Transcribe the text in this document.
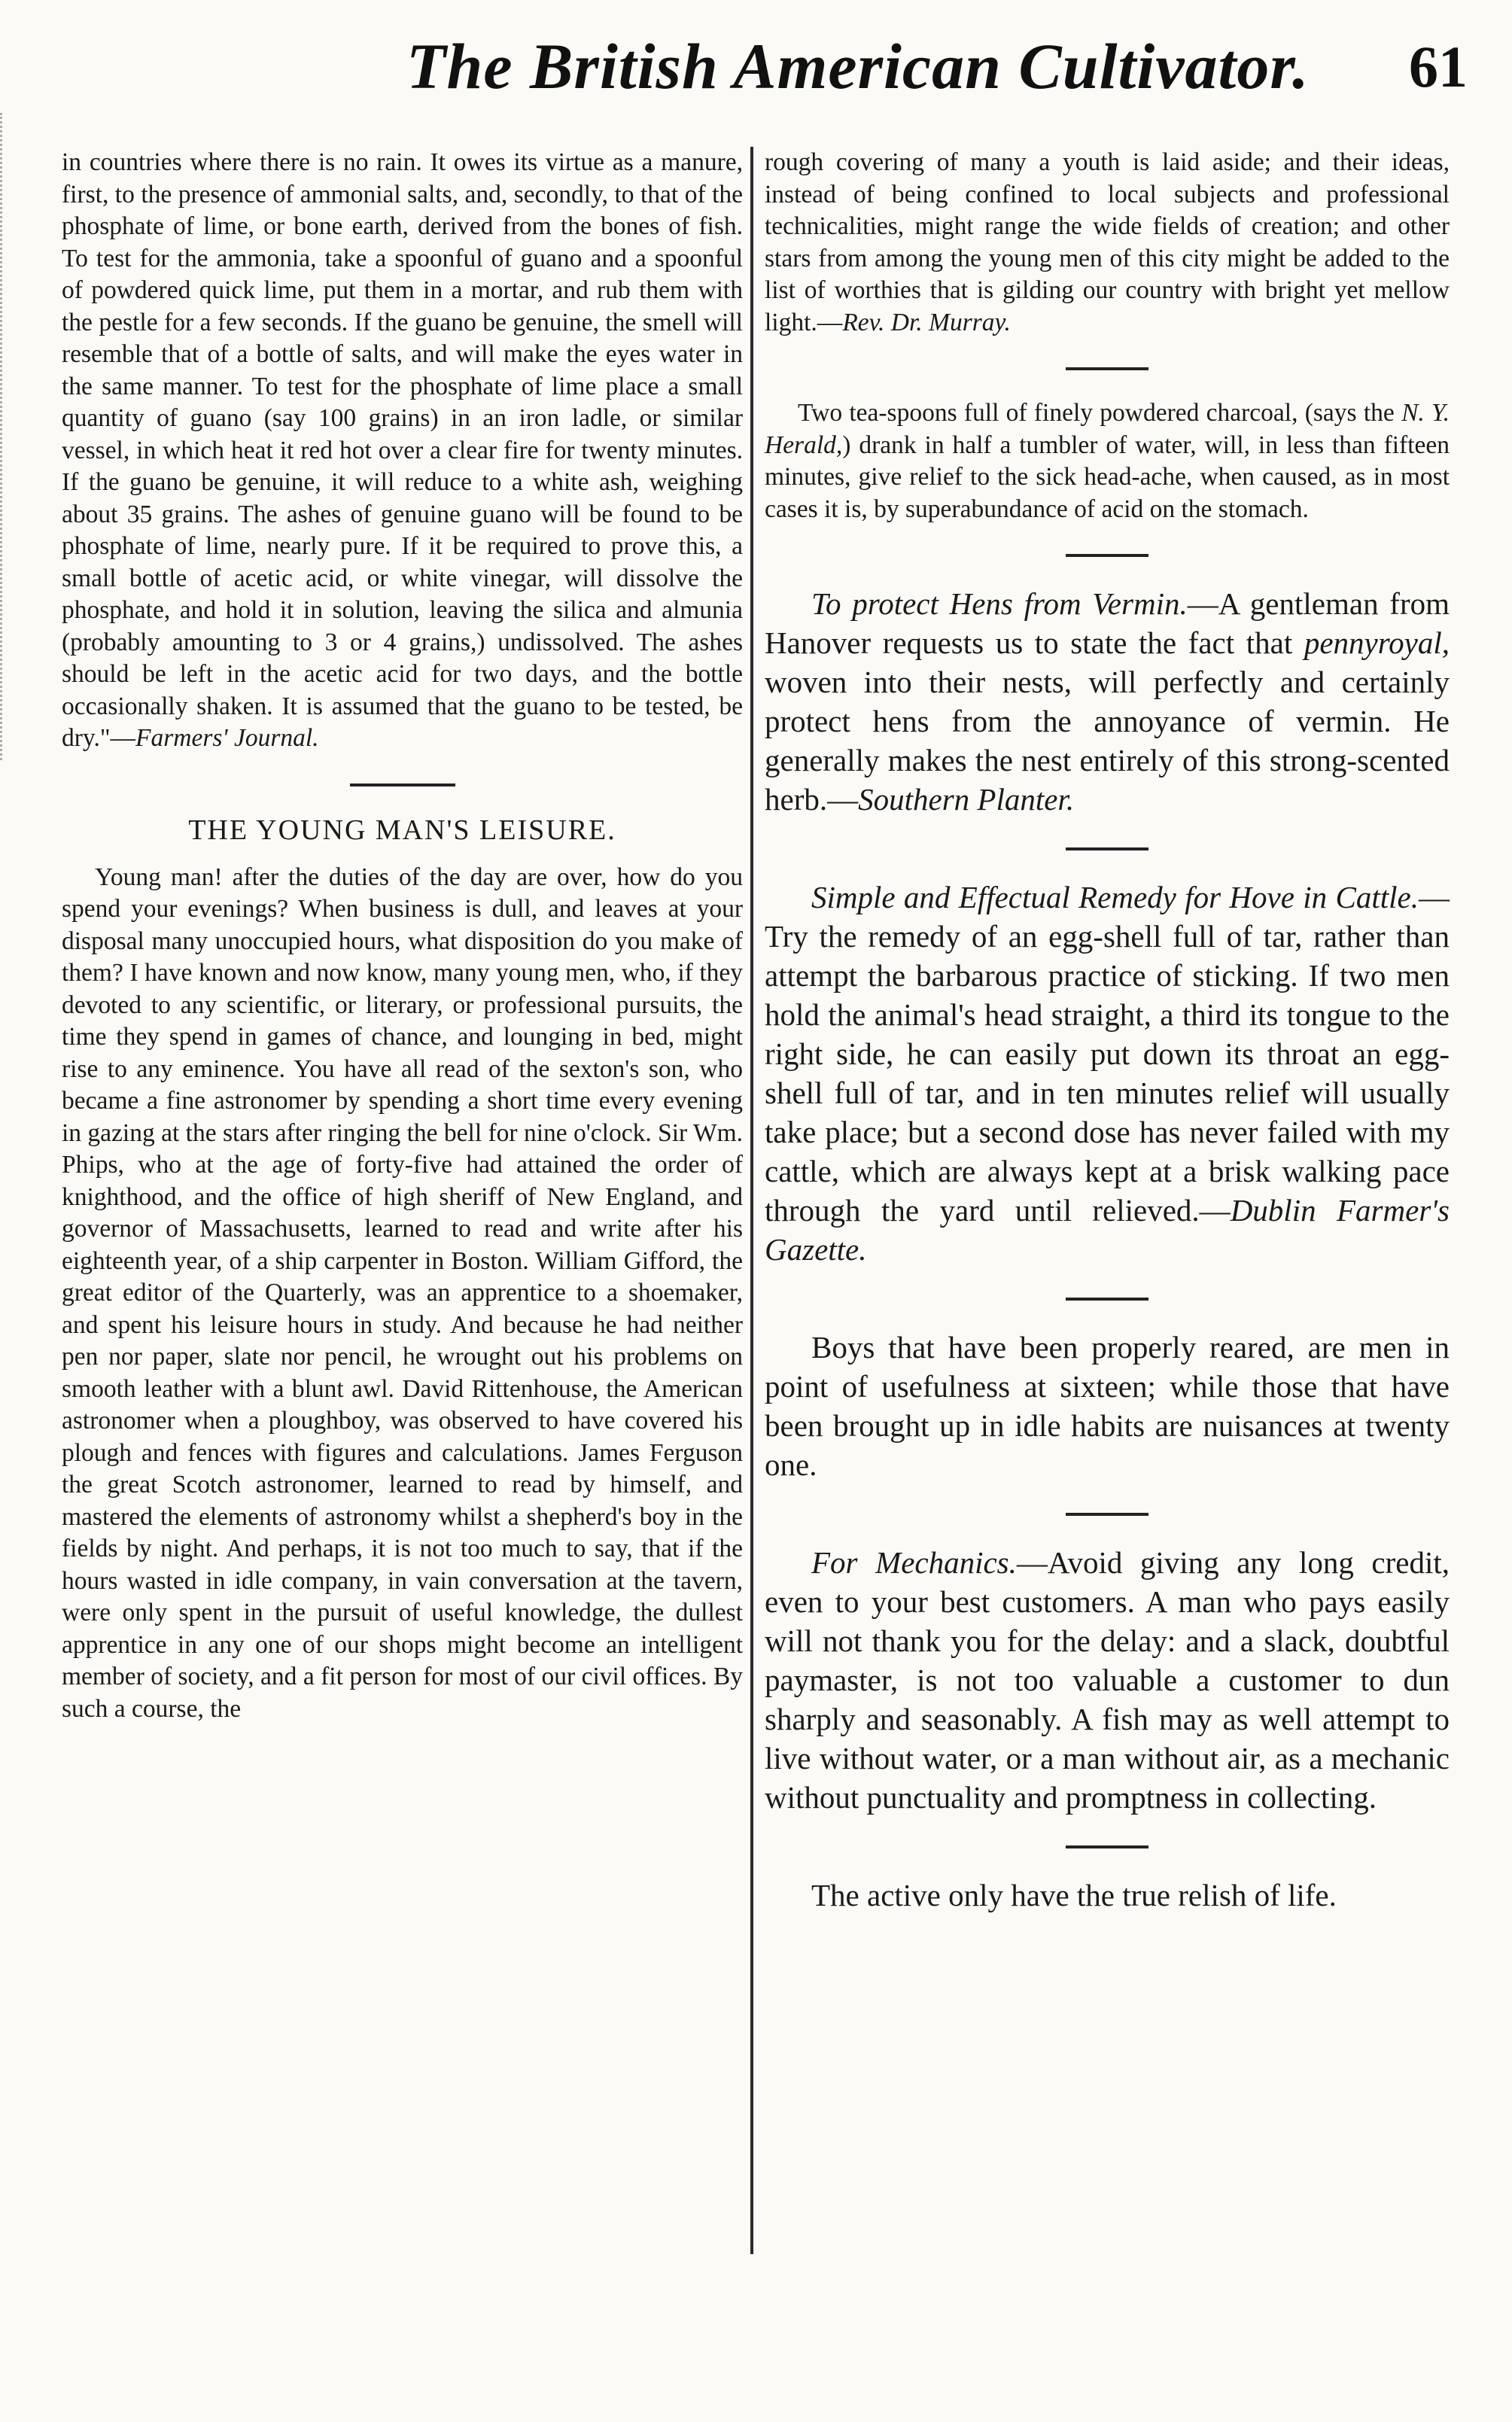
The British American Cultivator. 61

in countries where there is no rain. It owes its virtue as a manure, first, to the presence of ammonial salts, and, secondly, to that of the phosphate of lime, or bone earth, derived from the bones of fish. To test for the ammonia, take a spoonful of guano and a spoonful of powdered quick lime, put them in a mortar, and rub them with the pestle for a few seconds. If the guano be genuine, the smell will resemble that of a bottle of salts, and will make the eyes water in the same manner. To test for the phosphate of lime place a small quantity of guano (say 100 grains) in an iron ladle, or similar vessel, in which heat it red hot over a clear fire for twenty minutes. If the guano be genuine, it will reduce to a white ash, weighing about 35 grains. The ashes of genuine guano will be found to be phosphate of lime, nearly pure. If it be required to prove this, a small bottle of acetic acid, or white vinegar, will dissolve the phosphate, and hold it in solution, leaving the silica and almunia (probably amounting to 3 or 4 grains,) undissolved. The ashes should be left in the acetic acid for two days, and the bottle occasionally shaken. It is assumed that the guano to be tested, be dry."—Farmers' Journal.

THE YOUNG MAN'S LEISURE.

Young man! after the duties of the day are over, how do you spend your evenings? When business is dull, and leaves at your disposal many unoccupied hours, what disposition do you make of them? I have known and now know, many young men, who, if they devoted to any scientific, or literary, or professional pursuits, the time they spend in games of chance, and lounging in bed, might rise to any eminence. You have all read of the sexton's son, who became a fine astronomer by spending a short time every evening in gazing at the stars after ringing the bell for nine o'clock. Sir Wm. Phips, who at the age of forty-five had attained the order of knighthood, and the office of high sheriff of New England, and governor of Massachusetts, learned to read and write after his eighteenth year, of a ship carpenter in Boston. William Gifford, the great editor of the Quarterly, was an apprentice to a shoemaker, and spent his leisure hours in study. And because he had neither pen nor paper, slate nor pencil, he wrought out his problems on smooth leather with a blunt awl. David Rittenhouse, the American astronomer when a ploughboy, was observed to have covered his plough and fences with figures and calculations. James Ferguson the great Scotch astronomer, learned to read by himself, and mastered the elements of astronomy whilst a shepherd's boy in the fields by night. And perhaps, it is not too much to say, that if the hours wasted in idle company, in vain conversation at the tavern, were only spent in the pursuit of useful knowledge, the dullest apprentice in any one of our shops might become an intelligent member of society, and a fit person for most of our civil offices. By such a course, the

rough covering of many a youth is laid aside; and their ideas, instead of being confined to local subjects and professional technicalities, might range the wide fields of creation; and other stars from among the young men of this city might be added to the list of worthies that is gilding our country with bright yet mellow light.—Rev. Dr. Murray.

Two tea-spoons full of finely powdered charcoal, (says the N. Y. Herald,) drank in half a tumbler of water, will, in less than fifteen minutes, give relief to the sick head-ache, when caused, as in most cases it is, by superabundance of acid on the stomach.

To protect Hens from Vermin.—A gentleman from Hanover requests us to state the fact that pennyroyal, woven into their nests, will perfectly and certainly protect hens from the annoyance of vermin. He generally makes the nest entirely of this strong-scented herb.—Southern Planter.

Simple and Effectual Remedy for Hove in Cattle.—Try the remedy of an egg-shell full of tar, rather than attempt the barbarous practice of sticking. If two men hold the animal's head straight, a third its tongue to the right side, he can easily put down its throat an egg-shell full of tar, and in ten minutes relief will usually take place; but a second dose has never failed with my cattle, which are always kept at a brisk walking pace through the yard until relieved.—Dublin Farmer's Gazette.

Boys that have been properly reared, are men in point of usefulness at sixteen; while those that have been brought up in idle habits are nuisances at twenty one.

For Mechanics.—Avoid giving any long credit, even to your best customers. A man who pays easily will not thank you for the delay: and a slack, doubtful paymaster, is not too valuable a customer to dun sharply and seasonably. A fish may as well attempt to live without water, or a man without air, as a mechanic without punctuality and promptness in collecting.

The active only have the true relish of life.
